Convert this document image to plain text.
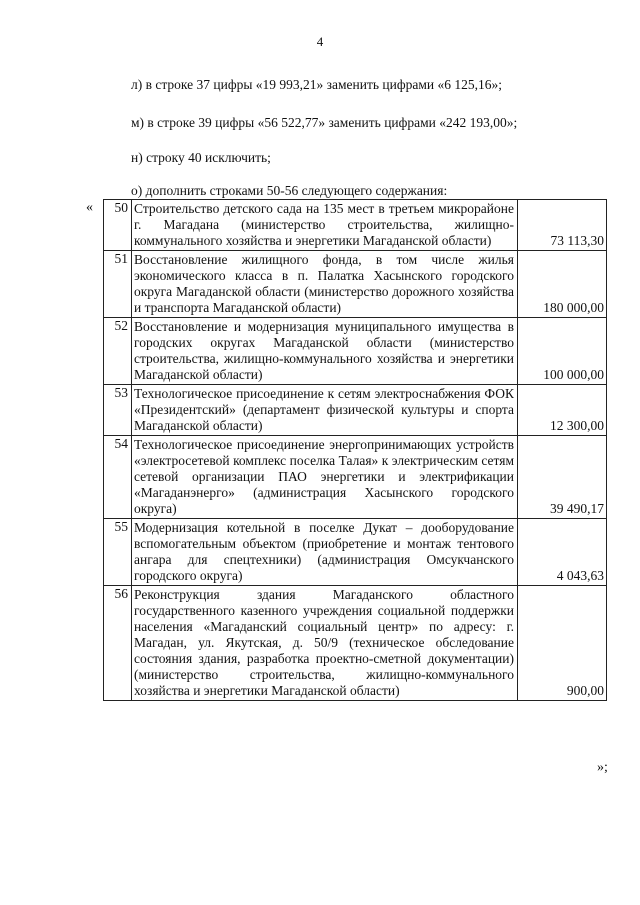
4
л) в строке 37 цифры «19 993,21» заменить цифрами «6 125,16»;
м) в строке 39 цифры «56 522,77» заменить цифрами «242 193,00»;
н) строку 40 исключить;
о) дополнить строками 50-56 следующего содержания:
« 50	Строительство детского сада на 135 мест в третьем микрорайоне г. Магадана (министерство строительства, жилищно-коммунального хозяйства и энергетики Магаданской области)	73 113,30
51	Восстановление жилищного фонда, в том числе жилья экономического класса в п. Палатка Хасынского городского округа Магаданской области (министерство дорожного хозяйства и транспорта Магаданской области)	180 000,00
52	Восстановление и модернизация муниципального имущества в городских округах Магаданской области (министерство строительства, жилищно-коммунального хозяйства и энергетики Магаданской области)	100 000,00
53	Технологическое присоединение к сетям электроснабжения ФОК «Президентский» (департамент физической культуры и спорта Магаданской области)	12 300,00
54	Технологическое присоединение энергопринимающих устройств «электросетевой комплекс поселка Талая» к электрическим сетям сетевой организации ПАО энергетики и электрификации «Магаданэнерго» (администрация Хасынского городского округа)	39 490,17
55	Модернизация котельной в поселке Дукат – дооборудование вспомогательным объектом (приобретение и монтаж тентового ангара для спецтехники) (администрация Омсукчанского городского округа)	4 043,63
56	Реконструкция здания Магаданского областного государственного казенного учреждения социальной поддержки населения «Магаданский социальный центр» по адресу: г. Магадан, ул. Якутская, д. 50/9 (техническое обследование состояния здания, разработка проектно-сметной документации) (министерство строительства, жилищно-коммунального хозяйства и энергетики Магаданской области)	900,00
»;
